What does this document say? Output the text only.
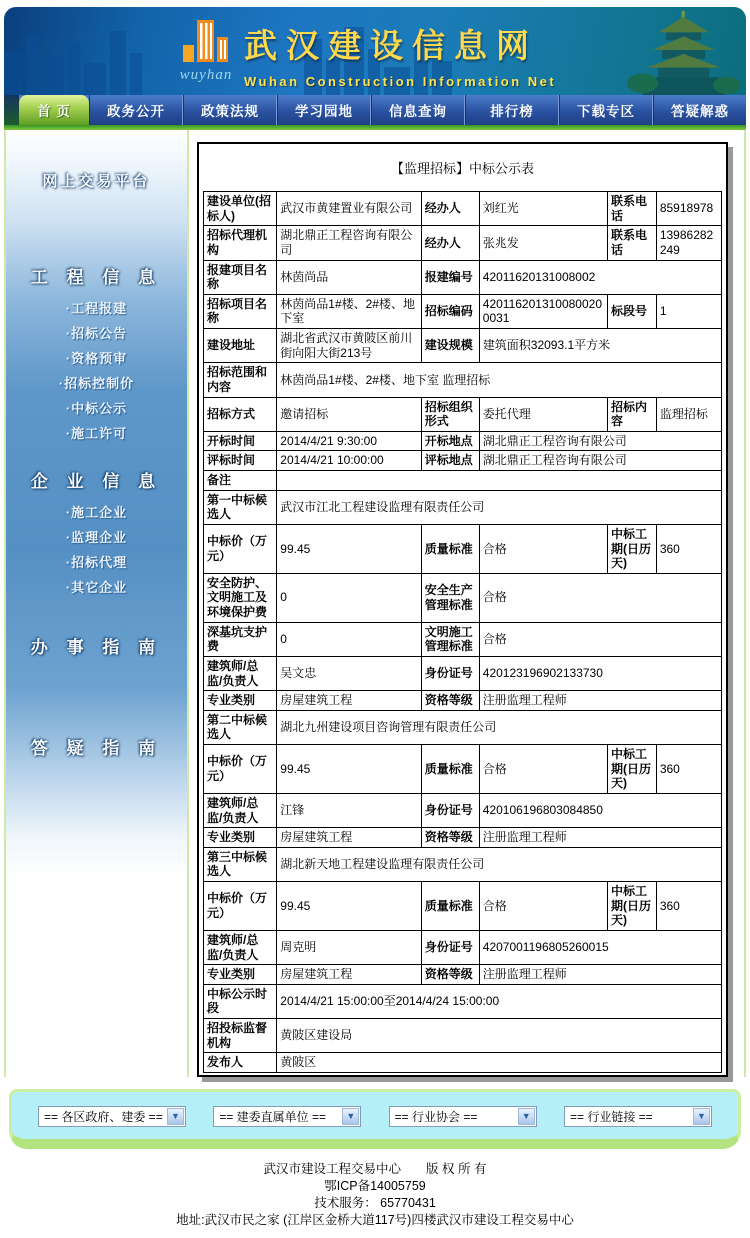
wuyhan
武汉建设信息网
Wuhan Construction Information Net
首 页	政务公开	政策法规	学习园地	信息查询	排行榜	下载专区	答疑解惑
网上交易平台
工 程 信 息
·工程报建
·招标公告
·资格预审
·招标控制价
·中标公示
·施工许可
企 业 信 息
·施工企业
·监理企业
·招标代理
·其它企业
办 事 指 南
答 疑 指 南
【监理招标】中标公示表
建设单位(招标人)	武汉市黄建置业有限公司	经办人	刘红光	联系电话	85918978
招标代理机构	湖北鼎正工程咨询有限公司	经办人	张兆发	联系电话	13986282249
报建项目名称	林茵尚品	报建编号	42011620131008002		
招标项目名称	林茵尚品1#楼、2#楼、地下室	招标编码	4201162013100800200031	标段号	1
建设地址	湖北省武汉市黄陂区前川街向阳大街213号	建设规模	建筑面积32093.1平方米		
招标范围和内容	林茵尚品1#楼、2#楼、地下室 监理招标				
招标方式	邀请招标	招标组织形式	委托代理	招标内容	监理招标
开标时间	2014/4/21 9:30:00	开标地点	湖北鼎正工程咨询有限公司		
评标时间	2014/4/21 10:00:00	评标地点	湖北鼎正工程咨询有限公司		
备注					
第一中标候选人	武汉市江北工程建设监理有限责任公司				
中标价（万元）	99.45	质量标准	合格	中标工期(日历天)	360
安全防护、文明施工及环境保护费	0	安全生产管理标准	合格		
深基坑支护费	0	文明施工管理标准	合格		
建筑师/总监/负责人	吴文忠	身份证号	420123196902133730		
专业类别	房屋建筑工程	资格等级	注册监理工程师		
第二中标候选人	湖北九州建设项目咨询管理有限责任公司				
中标价（万元）	99.45	质量标准	合格	中标工期(日历天)	360
建筑师/总监/负责人	江锋	身份证号	420106196803084850		
专业类别	房屋建筑工程	资格等级	注册监理工程师		
第三中标候选人	湖北新天地工程建设监理有限责任公司				
中标价（万元）	99.45	质量标准	合格	中标工期(日历天)	360
建筑师/总监/负责人	周克明	身份证号	4207001196805260015		
专业类别	房屋建筑工程	资格等级	注册监理工程师		
中标公示时段	2014/4/21 15:00:00至2014/4/24 15:00:00				
招投标监督机构	黄陂区建设局				
发布人	黄陂区				
== 各区政府、建委 == ▼	== 建委直属单位 ==	▼	== 行业协会 ==	▼	== 行业链接 ==	▼
武汉市建设工程交易中心　　版 权 所 有
鄂ICP备14005759
技术服务： 65770431
地址:武汉市民之家 (江岸区金桥大道117号)四楼武汉市建设工程交易中心
